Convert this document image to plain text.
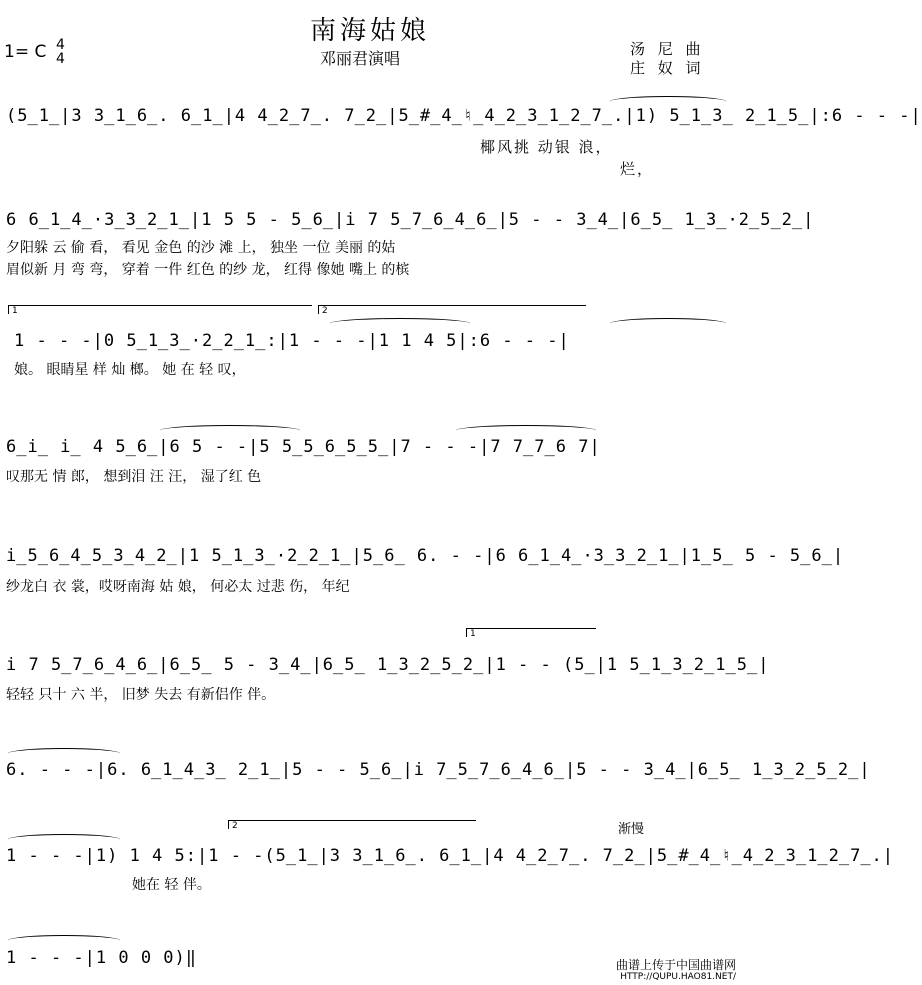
南海姑娘
邓丽君演唱
1= C 4
4
汤 尼 曲
庄 奴 词
(5̲1̲|3 3̲1̲6̲. 6̲1̲|4 4̲2̲7̲. 7̲2̲|5̲#̲4̲♮̲4̲2̲3̲1̲2̲7̲.|1) 5̲1̲3̲ 2̲1̲5̲|:6 - - -|
椰风挑 动银 浪，
烂，
6 6̲1̲4̲·3̲3̲2̲1̲|1 5 5 - 5̲6̲|i 7 5̲7̲6̲4̲6̲|5 - - 3̲4̲|6̲5̲ 1̲3̲·2̲5̲2̲|
夕阳躲 云 偷 看， 看见 金色 的沙 滩 上， 独坐 一位 美丽 的姑
眉似新 月 弯 弯， 穿着 一件 红色 的纱 龙， 红得 像她 嘴上 的槟
1	2
1 - - -|0 5̲1̲3̲·2̲2̲1̲:|1 - - -|1 1 4 5|:6 - - -|
娘。 眼睛星 样 灿 榔。 她 在 轻 叹，
6̲i̲ i̲ 4 5̲6̲|6 5 - -|5 5̲5̲6̲5̲5̲|7 - - -|7 7̲7̲6 7|
叹那无 情 郎， 想到泪 汪 汪， 湿了红 色
i̲5̲6̲4̲5̲3̲4̲2̲|1 5̲1̲3̲·2̲2̲1̲|5̲6̲ 6. - -|6 6̲1̲4̲·3̲3̲2̲1̲|1̲5̲ 5 - 5̲6̲|
纱龙白 衣 裳，哎呀南海 姑 娘， 何必太 过悲 伤， 年纪
1
i 7 5̲7̲6̲4̲6̲|6̲5̲ 5 - 3̲4̲|6̲5̲ 1̲3̲2̲5̲2̲|1 - - (5̲|1 5̲1̲3̲2̲1̲5̲|
轻轻 只十 六 半， 旧梦 失去 有新侣作 伴。
6. - - -|6. 6̲1̲4̲3̲ 2̲1̲|5 - - 5̲6̲|i 7̲5̲7̲6̲4̲6̲|5 - - 3̲4̲|6̲5̲ 1̲3̲2̲5̲2̲|
渐慢
2
1 - - -|1) 1 4 5:|1 - -(5̲1̲|3 3̲1̲6̲. 6̲1̲|4 4̲2̲7̲. 7̲2̲|5̲#̲4̲♮̲4̲2̲3̲1̲2̲7̲.|
她在 轻 伴。
1 - - -|1 0 0 0)‖	曲谱上传于中国曲谱网
HTTP://QUPU.HAO81.NET/
